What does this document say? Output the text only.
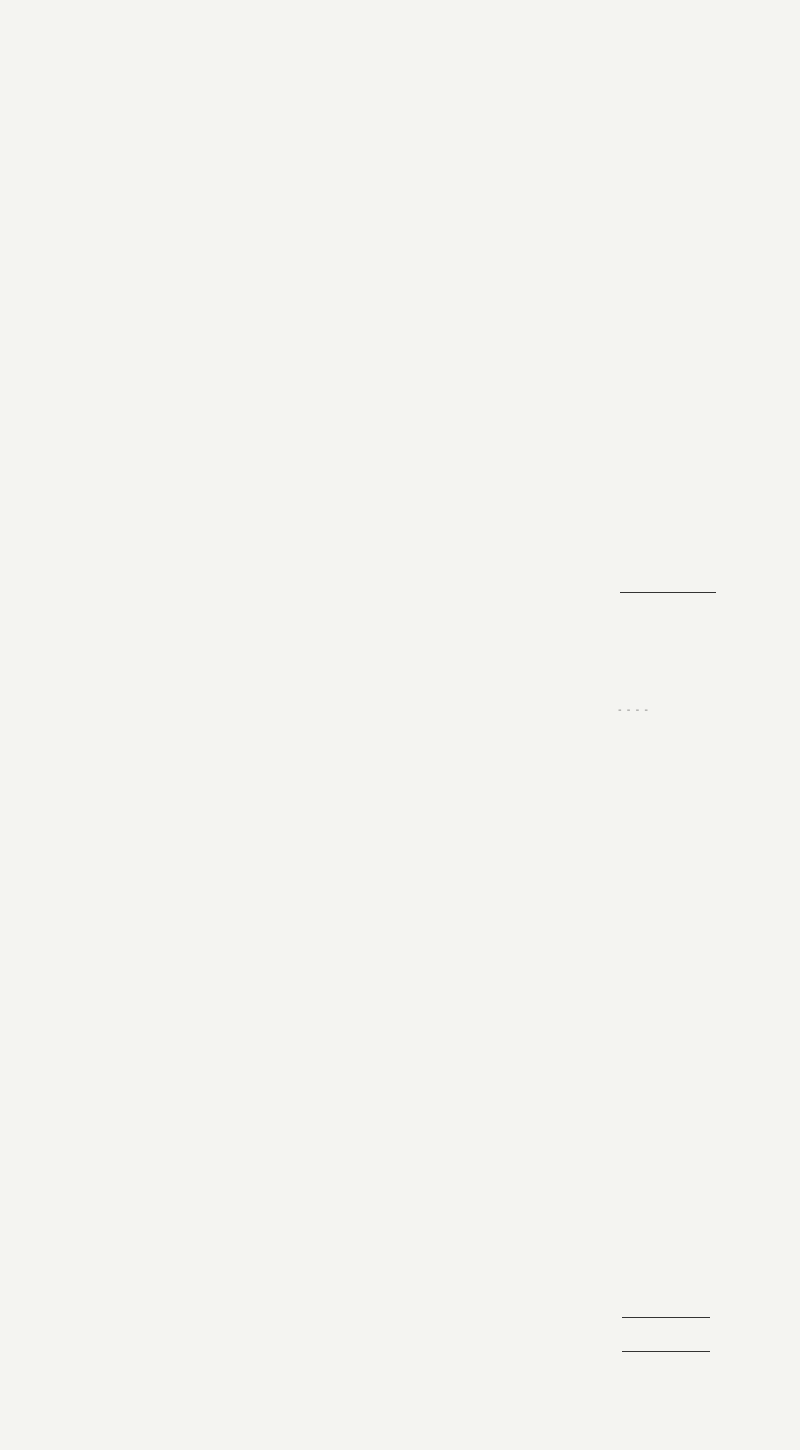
- - - -
